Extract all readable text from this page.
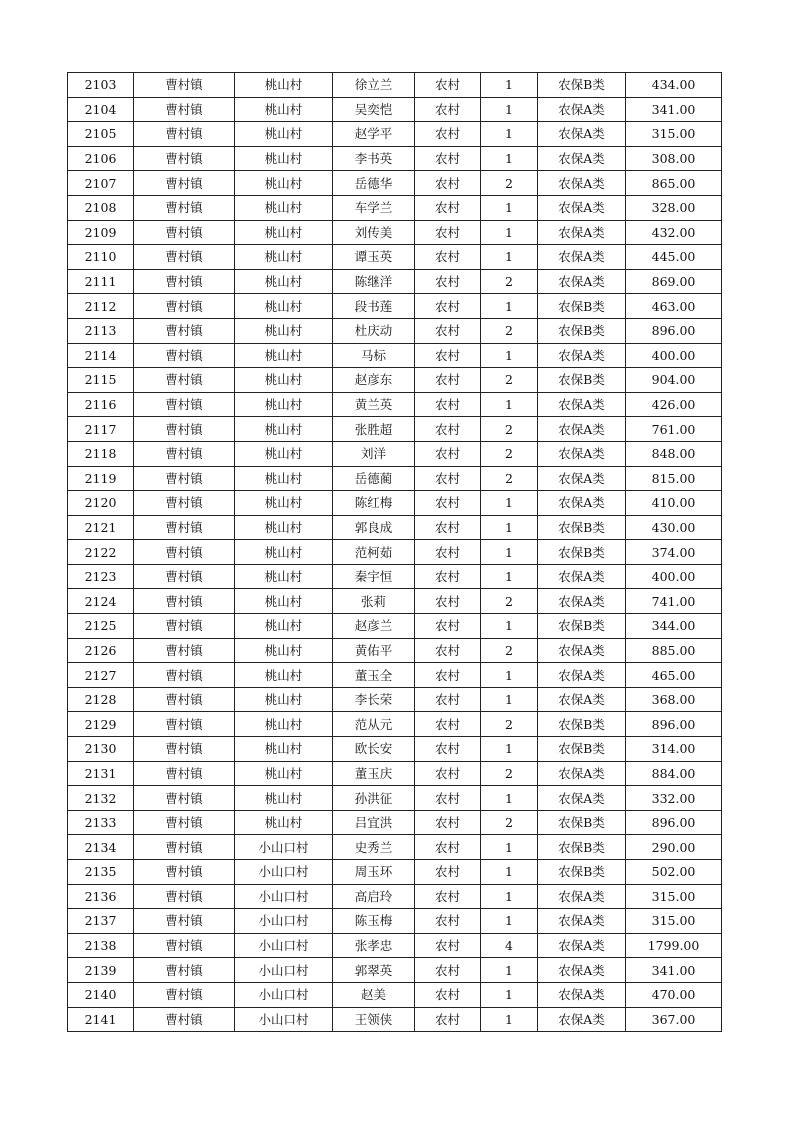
2103	曹村镇	桃山村	徐立兰	农村	1	农保B类	434.00
2104	曹村镇	桃山村	吴奕恺	农村	1	农保A类	341.00
2105	曹村镇	桃山村	赵学平	农村	1	农保A类	315.00
2106	曹村镇	桃山村	李书英	农村	1	农保A类	308.00
2107	曹村镇	桃山村	岳德华	农村	2	农保A类	865.00
2108	曹村镇	桃山村	车学兰	农村	1	农保A类	328.00
2109	曹村镇	桃山村	刘传美	农村	1	农保A类	432.00
2110	曹村镇	桃山村	谭玉英	农村	1	农保A类	445.00
2111	曹村镇	桃山村	陈继洋	农村	2	农保A类	869.00
2112	曹村镇	桃山村	段书莲	农村	1	农保B类	463.00
2113	曹村镇	桃山村	杜庆动	农村	2	农保B类	896.00
2114	曹村镇	桃山村	马标	农村	1	农保A类	400.00
2115	曹村镇	桃山村	赵彦东	农村	2	农保B类	904.00
2116	曹村镇	桃山村	黄兰英	农村	1	农保A类	426.00
2117	曹村镇	桃山村	张胜超	农村	2	农保A类	761.00
2118	曹村镇	桃山村	刘洋	农村	2	农保A类	848.00
2119	曹村镇	桃山村	岳德蔺	农村	2	农保A类	815.00
2120	曹村镇	桃山村	陈红梅	农村	1	农保A类	410.00
2121	曹村镇	桃山村	郭良成	农村	1	农保B类	430.00
2122	曹村镇	桃山村	范柯茹	农村	1	农保B类	374.00
2123	曹村镇	桃山村	秦宇恒	农村	1	农保A类	400.00
2124	曹村镇	桃山村	张莉	农村	2	农保A类	741.00
2125	曹村镇	桃山村	赵彦兰	农村	1	农保B类	344.00
2126	曹村镇	桃山村	黄佑平	农村	2	农保A类	885.00
2127	曹村镇	桃山村	董玉全	农村	1	农保A类	465.00
2128	曹村镇	桃山村	李长荣	农村	1	农保A类	368.00
2129	曹村镇	桃山村	范从元	农村	2	农保B类	896.00
2130	曹村镇	桃山村	欧长安	农村	1	农保B类	314.00
2131	曹村镇	桃山村	董玉庆	农村	2	农保A类	884.00
2132	曹村镇	桃山村	孙洪征	农村	1	农保A类	332.00
2133	曹村镇	桃山村	吕宜洪	农村	2	农保B类	896.00
2134	曹村镇	小山口村	史秀兰	农村	1	农保B类	290.00
2135	曹村镇	小山口村	周玉环	农村	1	农保B类	502.00
2136	曹村镇	小山口村	高启玲	农村	1	农保A类	315.00
2137	曹村镇	小山口村	陈玉梅	农村	1	农保A类	315.00
2138	曹村镇	小山口村	张孝忠	农村	4	农保A类	1799.00
2139	曹村镇	小山口村	郭翠英	农村	1	农保A类	341.00
2140	曹村镇	小山口村	赵美	农村	1	农保A类	470.00
2141	曹村镇	小山口村	王领侠	农村	1	农保A类	367.00
